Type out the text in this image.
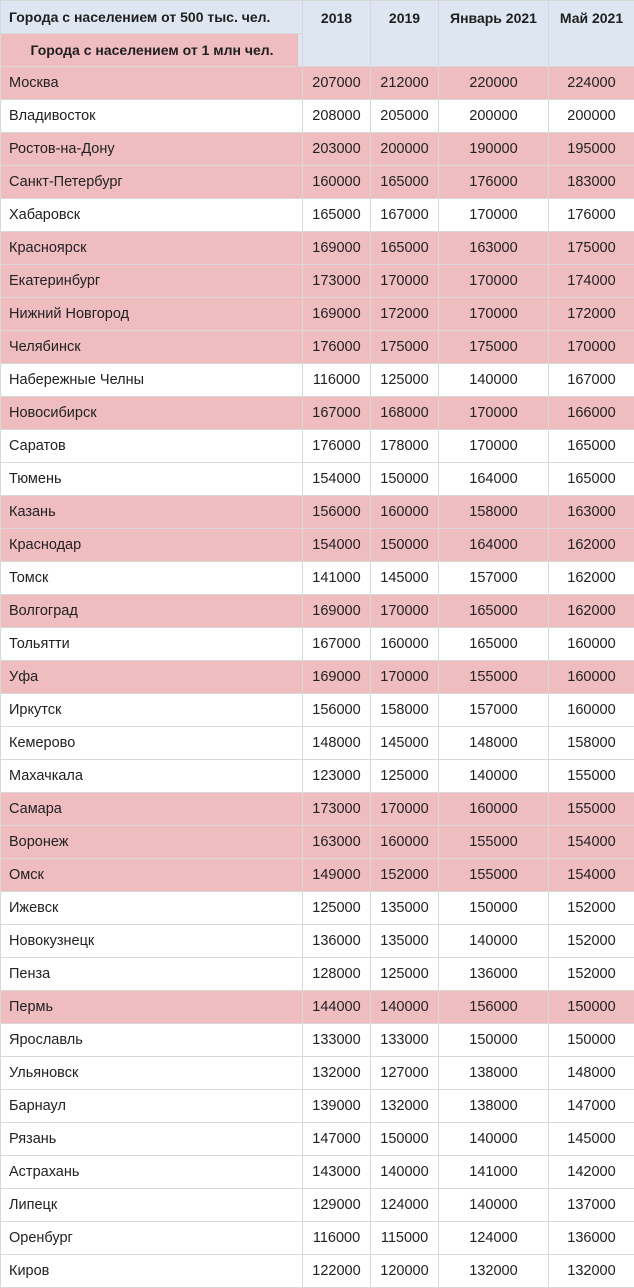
Города с населением от 500 тыс. чел.	2018	2019	Январь 2021	Май 2021
Города с населением от 1 млн чел.				
Москва	207000	212000	220000	224000
Владивосток	208000	205000	200000	200000
Ростов-на-Дону	203000	200000	190000	195000
Санкт-Петербург	160000	165000	176000	183000
Хабаровск	165000	167000	170000	176000
Красноярск	169000	165000	163000	175000
Екатеринбург	173000	170000	170000	174000
Нижний Новгород	169000	172000	170000	172000
Челябинск	176000	175000	175000	170000
Набережные Челны	116000	125000	140000	167000
Новосибирск	167000	168000	170000	166000
Саратов	176000	178000	170000	165000
Тюмень	154000	150000	164000	165000
Казань	156000	160000	158000	163000
Краснодар	154000	150000	164000	162000
Томск	141000	145000	157000	162000
Волгоград	169000	170000	165000	162000
Тольятти	167000	160000	165000	160000
Уфа	169000	170000	155000	160000
Иркутск	156000	158000	157000	160000
Кемерово	148000	145000	148000	158000
Махачкала	123000	125000	140000	155000
Самара	173000	170000	160000	155000
Воронеж	163000	160000	155000	154000
Омск	149000	152000	155000	154000
Ижевск	125000	135000	150000	152000
Новокузнецк	136000	135000	140000	152000
Пенза	128000	125000	136000	152000
Пермь	144000	140000	156000	150000
Ярославль	133000	133000	150000	150000
Ульяновск	132000	127000	138000	148000
Барнаул	139000	132000	138000	147000
Рязань	147000	150000	140000	145000
Астрахань	143000	140000	141000	142000
Липецк	129000	124000	140000	137000
Оренбург	116000	115000	124000	136000
Киров	122000	120000	132000	132000
